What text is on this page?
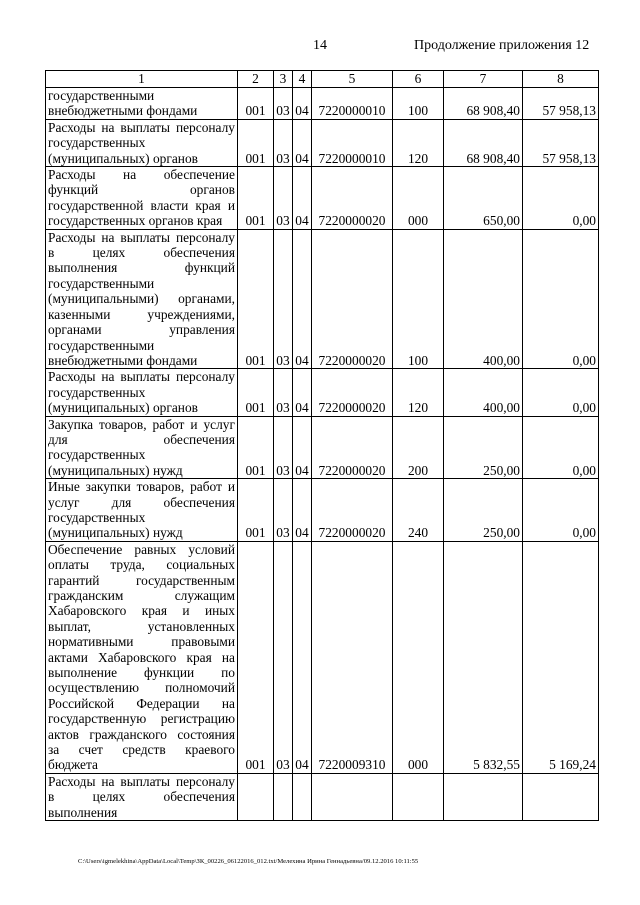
14	Продолжение приложения 12
1	2	3	4	5	6	7	8
государственными внебюджетными фондами	001	03	04	7220000010	100	68 908,40	57 958,13
Расходы на выплаты персоналу государственных (муниципальных) органов	001	03	04	7220000010	120	68 908,40	57 958,13
Расходы на обеспечение функций органов государственной власти края и государственных органов края	001	03	04	7220000020	000	650,00	0,00
Расходы на выплаты персоналу в целях обеспечения выполнения функций государственными (муниципальными) органами, казенными учреждениями, органами управления государственными внебюджетными фондами	001	03	04	7220000020	100	400,00	0,00
Расходы на выплаты персоналу государственных (муниципальных) органов	001	03	04	7220000020	120	400,00	0,00
Закупка товаров, работ и услуг для обеспечения государственных (муниципальных) нужд	001	03	04	7220000020	200	250,00	0,00
Иные закупки товаров, работ и услуг для обеспечения государственных (муниципальных) нужд	001	03	04	7220000020	240	250,00	0,00
Обеспечение равных условий оплаты труда, социальных гарантий государственным гражданским служащим Хабаровского края и иных выплат, установленных нормативными правовыми актами Хабаровского края на выполнение функции по осуществлению полномочий Российской Федерации на государственную регистрацию актов гражданского состояния за счет средств краевого бюджета	001	03	04	7220009310	000	5 832,55	5 169,24
Расходы на выплаты персоналу в целях обеспечения выполнения							
C:\Users\igmelekhina\AppData\Local\Temp\ЗК_00226_06122016_012.txt/Мелехина Ирина Геннадьевна/09.12.2016 10:11:55
